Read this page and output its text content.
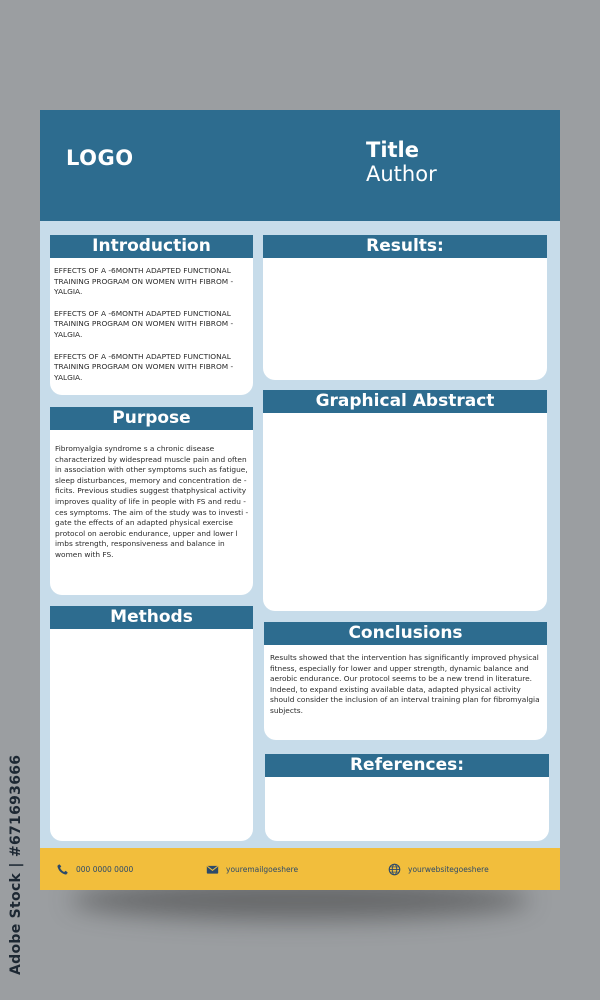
LOGO	Title
Author
Introduction

EFFECTS OF A -6MONTH ADAPTED FUNCTIONAL TRAINING PROGRAM ON WOMEN WITH FIBROM -YALGIA.

EFFECTS OF A -6MONTH ADAPTED FUNCTIONAL TRAINING PROGRAM ON WOMEN WITH FIBROM -YALGIA.

EFFECTS OF A -6MONTH ADAPTED FUNCTIONAL TRAINING PROGRAM ON WOMEN WITH FIBROM -YALGIA.

Purpose
Fibromyalgia syndrome s a chronic disease characterized by widespread muscle pain and often in association with other symptoms such as fatigue, sleep disturbances, memory and concentration de -ficits. Previous studies suggest thatphysical activity improves quality of life in people with FS and redu -ces symptoms. The aim of the study was to investi -gate the effects of an adapted physical exercise protocol on aerobic endurance, upper and lower l imbs strength, responsiveness and balance in women with FS.
Methods
Results:
Graphical Abstract
Conclusions
Results showed that the intervention has significantly improved physical fitness, especially for lower and upper strength, dynamic balance and aerobic endurance. Our protocol seems to be a new trend in literature. Indeed, to expand existing available data, adapted physical activity should consider the inclusion of an interval training plan for fibromyalgia subjects.
References:
000 0000 0000	youremailgoeshere	yourwebsitegoeshere
Adobe Stock | #671693666
